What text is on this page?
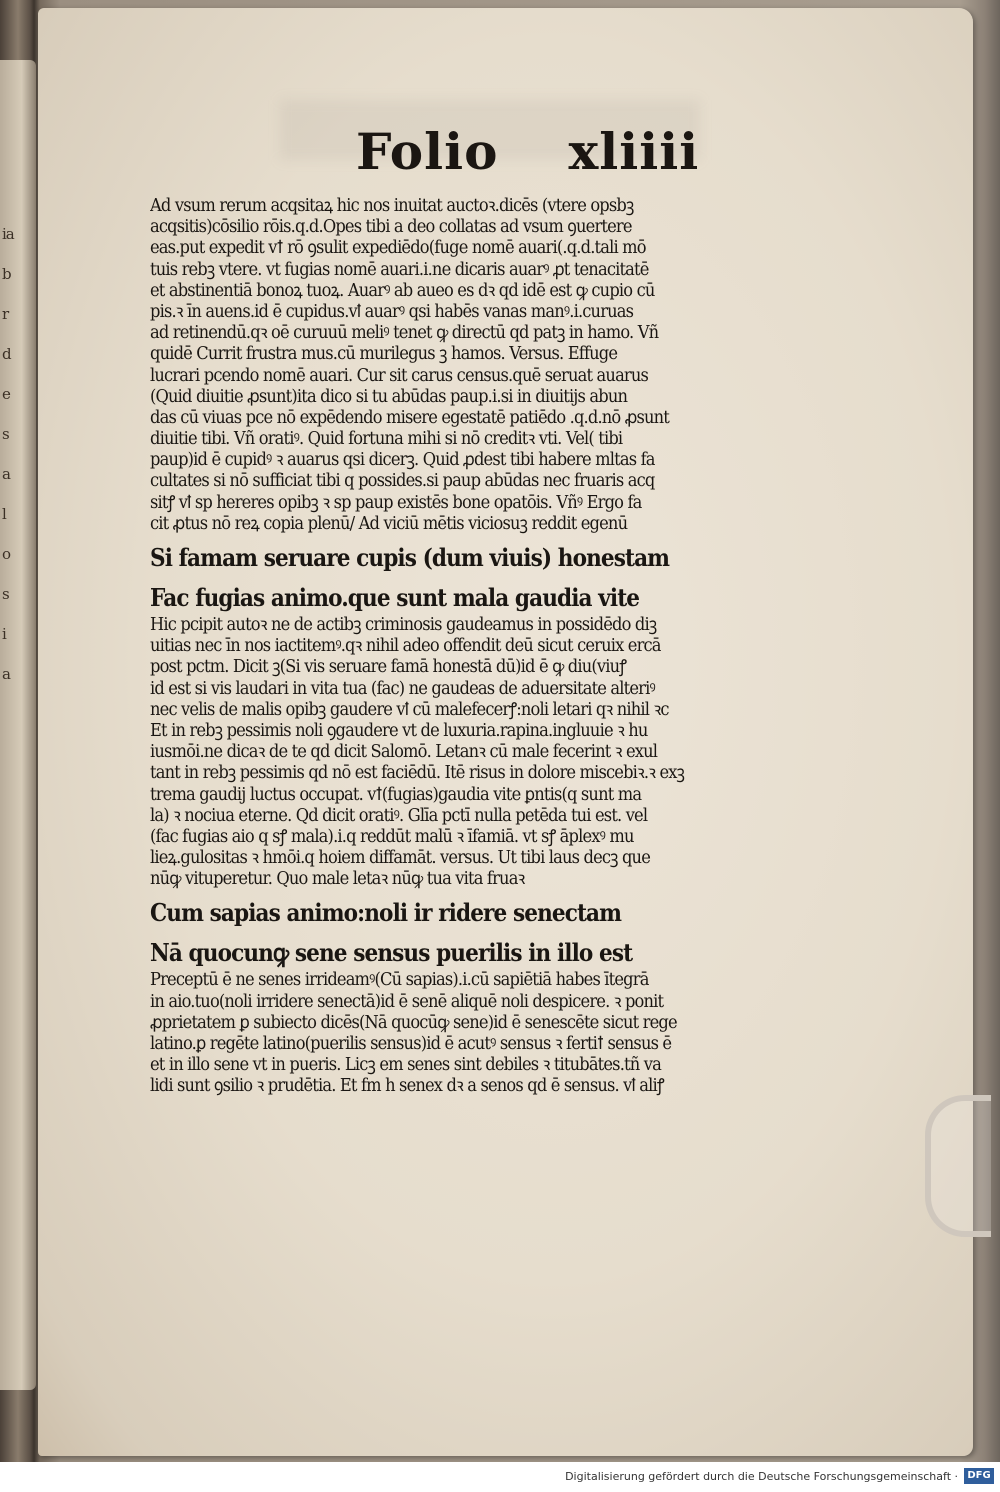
ia
b
r
d
e
s
a
l
o
s
i
a
Folio xliiii
Ad vsum rerum acqsitaꝝ hic nos inuitat auctoꝛ.dicēs (vtere opsbꝫ
acqsitis)cōsilio rōis.q.d.Opes tibi a deo collatas ad vsum ꝯuertere
eas.put expedit vꝉ rō ꝯsulit expediēdo(fuge nomē auari(.q.d.tali mō
tuis rebꝫ vtere. vt fugias nomē auari.i.ne dicaris auarꝰ ꝓt tenacitatē
et abstinentiā bonoꝝ tuoꝝ. Auarꝰ ab aueo es dꝛ qd idē est ꝙ cupio cū
pis.ꝛ īn auens.id ē cupidus.vꝉ auarꝰ qsi habēs vanas manꝰ.i.curuas
ad retinendū.qꝛ oē curuuū meliꝰ tenet ꝙ directū qd patꝫ in hamo. Vñ
quidē Currit frustra mus.cū murilegus ꝫ hamos. Versus. Effuge
lucrari pcendo nomē auari. Cur sit carus census.quē seruat auarus
(Quid diuitie ꝓsunt)ita dico si tu abūdas paup.i.si in diuitijs abun
das cū viuas pce nō expēdendo misere egestatē patiēdo .q.d.nō ꝓsunt
diuitie tibi. Vñ oratiꝰ. Quid fortuna mihi si nō creditꝛ vti. Vel( tibi
paup)id ē cupidꝰ ꝛ auarus qsi dicerꝫ. Quid ꝓdest tibi habere mltas fa
cultates si nō sufficiat tibi q possides.si paup abūdas nec fruaris acq
sitꝭ vꝉ sp hereres opibꝫ ꝛ sp paup existēs bone opatōis. Vñꝰ Ergo fa
cit ꝓtus nō reꝝ copia plenū/ Ad viciū mētis viciosuꝫ reddit egenū
Si famam seruare cupis (dum viuis) honestam
Fac fugias animo.que sunt mala gaudia vite
Hic pcipit autoꝛ ne de actibꝫ criminosis gaudeamus in possidēdo diꝫ
uitias nec īn nos iactitemꝰ.qꝛ nihil adeo offendit deū sicut ceruix ercā
post pctm. Dicit ꝫ(Si vis seruare famā honestā dū)id ē ꝙ diu(viuꝭ
id est si vis laudari in vita tua (fac) ne gaudeas de aduersitate alteriꝰ
nec velis de malis opibꝫ gaudere vꝉ cū malefecerꝭ:noli letari qꝛ nihil ꝛc
Et in rebꝫ pessimis noli ꝯgaudere vt de luxuria.rapina.ingluuie ꝛ hu
iusmōi.ne dicaꝛ de te qd dicit Salomō. Letanꝛ cū male fecerint ꝛ exul
tant in rebꝫ pessimis qd nō est faciēdū. Itē risus in dolore miscebiꝛ.ꝛ exꝫ
trema gaudij luctus occupat. vꝉ(fugias)gaudia vite ꝑntis(q sunt ma
la) ꝛ nociua eterne. Qd dicit oratiꝰ. Glīa pctī nulla petēda tui est. vel
(fac fugias aio q sꝭ mala).i.q reddūt malū ꝛ īfamiā. vt sꝭ āplexꝰ mu
lieꝝ.gulositas ꝛ hmōi.q hoiem diffamāt. versus. Ut tibi laus decꝫ que
nūꝙ vituperetur. Quo male letaꝛ nūꝙ tua vita fruaꝛ
Cum sapias animo:noli ir ridere senectam
Nā quocunꝙ sene sensus puerilis in illo est
Preceptū ē ne senes irrideamꝰ(Cū sapias).i.cū sapiētiā habes ītegrā
in aio.tuo(noli irridere senectā)id ē senē aliquē noli despicere. ꝛ ponit
ꝓprietatem ꝑ subiecto dicēs(Nā quocūꝙ sene)id ē senescēte sicut rege
latino.ꝑ regēte latino(puerilis sensus)id ē acutꝰ sensus ꝛ fertiꝉ sensus ē
et in illo sene vt in pueris. Licꝫ em senes sint debiles ꝛ titubātes.tñ va
lidi sunt ꝯsilio ꝛ prudētia. Et fm h senex dꝛ a senos qd ē sensus. vꝉ aliꝭ
Digitalisierung gefördert durch die Deutsche Forschungsgemeinschaft · DFG
